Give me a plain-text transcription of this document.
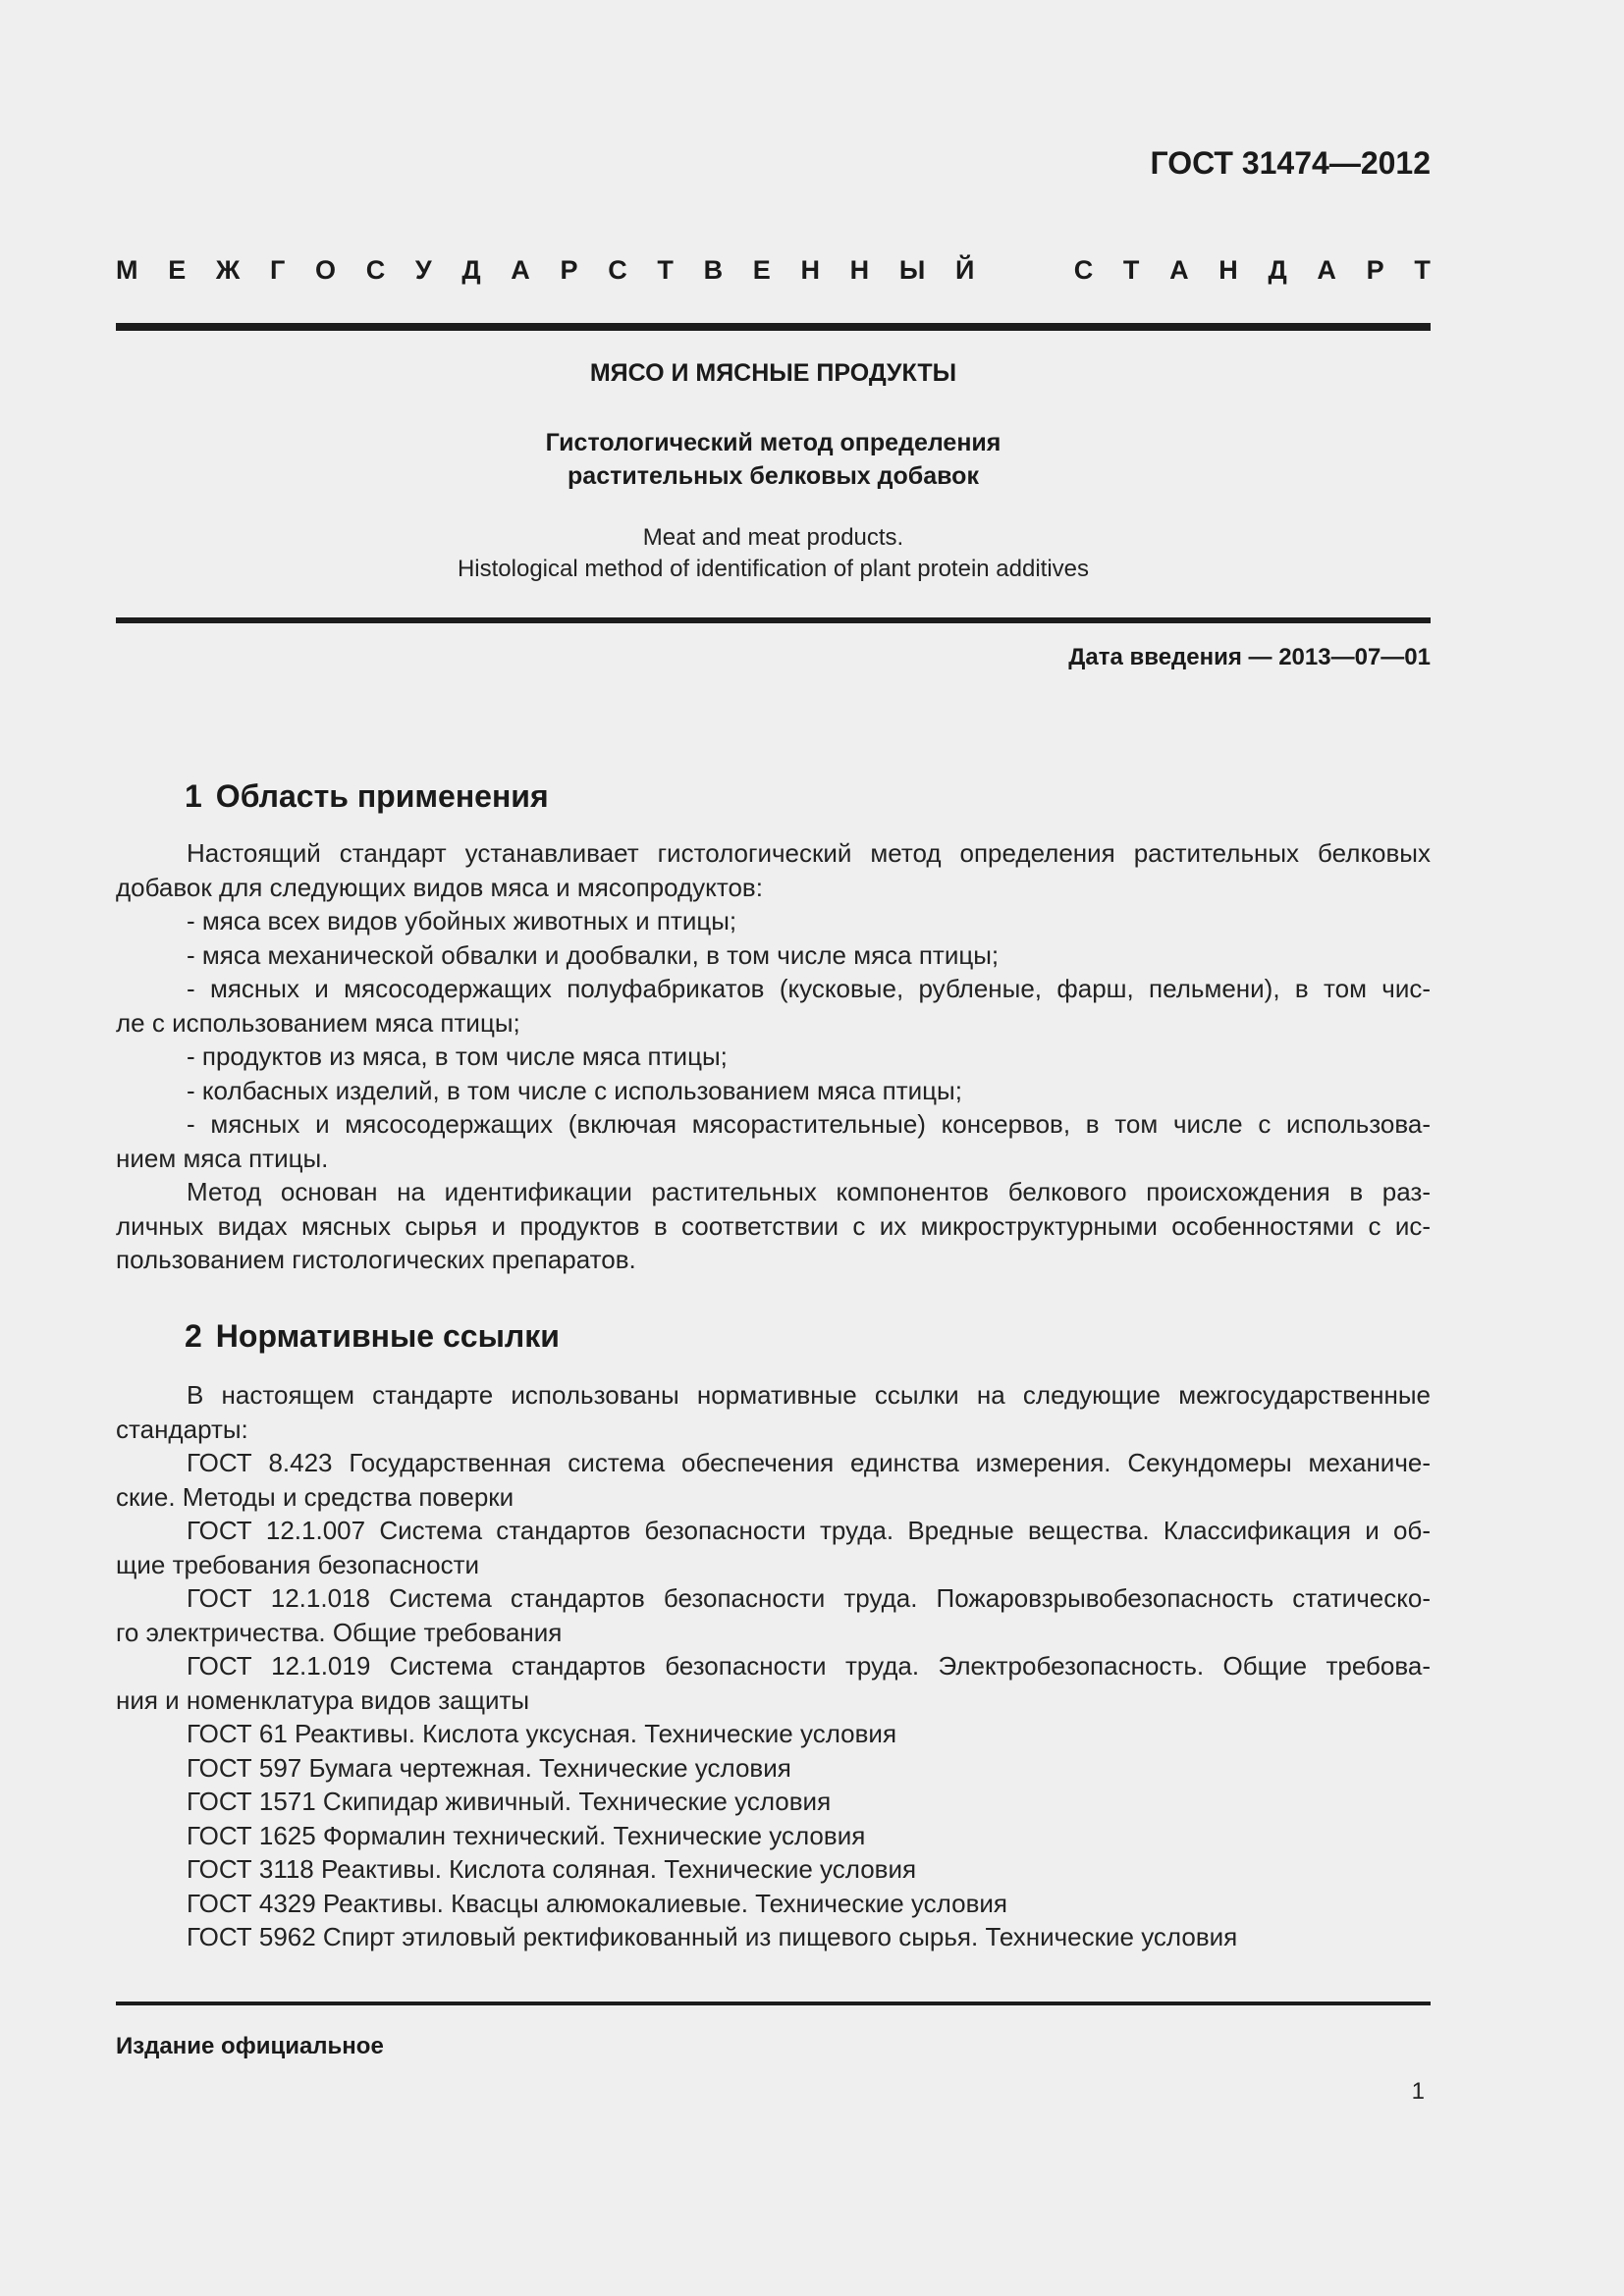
ГОСТ 31474—2012
М Е Ж Г О С У Д А Р С Т В Е Н Н Ы Й	С Т А Н Д А Р Т
МЯСО И МЯСНЫЕ ПРОДУКТЫ
Гистологический метод определения
растительных белковых добавок
Meat and meat products.
Histological method of identification of plant protein additives
Дата введения — 2013—07—01
1 Область применения
Настоящий стандарт устанавливает гистологический метод определения растительных белковых
добавок для следующих видов мяса и мясопродуктов:
- мяса всех видов убойных животных и птицы;
- мяса механической обвалки и дообвалки, в том числе мяса птицы;
- мясных и мясосодержащих полуфабрикатов (кусковые, рубленые, фарш, пельмени), в том чис-
ле с использованием мяса птицы;
- продуктов из мяса, в том числе мяса птицы;
- колбасных изделий, в том числе с использованием мяса птицы;
- мясных и мясосодержащих (включая мясорастительные) консервов, в том числе с использова-
нием мяса птицы.
Метод основан на идентификации растительных компонентов белкового происхождения в раз-
личных видах мясных сырья и продуктов в соответствии с их микроструктурными особенностями с ис-
пользованием гистологических препаратов.
2 Нормативные ссылки
В настоящем стандарте использованы нормативные ссылки на следующие межгосударственные
стандарты:
ГОСТ 8.423 Государственная система обеспечения единства измерения. Секундомеры механиче-
ские. Методы и средства поверки
ГОСТ 12.1.007 Система стандартов безопасности труда. Вредные вещества. Классификация и об-
щие требования безопасности
ГОСТ 12.1.018 Система стандартов безопасности труда. Пожаровзрывобезопасность статическо-
го электричества. Общие требования
ГОСТ 12.1.019 Система стандартов безопасности труда. Электробезопасность. Общие требова-
ния и номенклатура видов защиты
ГОСТ 61 Реактивы. Кислота уксусная. Технические условия
ГОСТ 597 Бумага чертежная. Технические условия
ГОСТ 1571 Скипидар живичный. Технические условия
ГОСТ 1625 Формалин технический. Технические условия
ГОСТ 3118 Реактивы. Кислота соляная. Технические условия
ГОСТ 4329 Реактивы. Квасцы алюмокалиевые. Технические условия
ГОСТ 5962 Спирт этиловый ректификованный из пищевого сырья. Технические условия
Издание официальное
1
